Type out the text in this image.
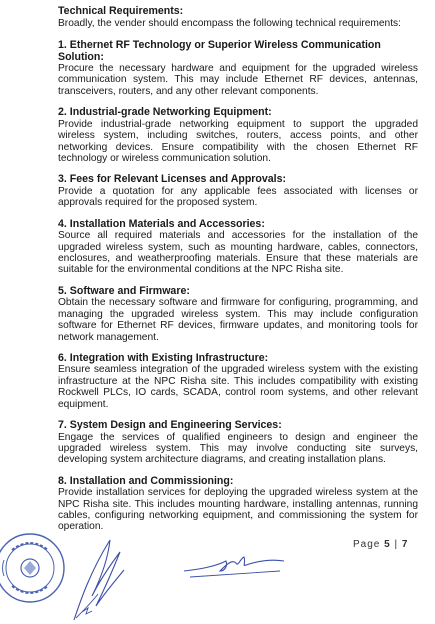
Technical Requirements:

Broadly, the vender should encompass the following technical requirements:

1. Ethernet RF Technology or Superior Wireless Communication Solution:

Procure the necessary hardware and equipment for the upgraded wireless communication system. This may include Ethernet RF devices, antennas, transceivers, routers, and any other relevant components.

2. Industrial-grade Networking Equipment:

Provide industrial-grade networking equipment to support the upgraded wireless system, including switches, routers, access points, and other networking devices. Ensure compatibility with the chosen Ethernet RF technology or wireless communication solution.

3. Fees for Relevant Licenses and Approvals:

Provide a quotation for any applicable fees associated with licenses or approvals required for the proposed system.

4. Installation Materials and Accessories:

Source all required materials and accessories for the installation of the upgraded wireless system, such as mounting hardware, cables, connectors, enclosures, and weatherproofing materials. Ensure that these materials are suitable for the environmental conditions at the NPC Risha site.

5. Software and Firmware:

Obtain the necessary software and firmware for configuring, programming, and managing the upgraded wireless system. This may include configuration software for Ethernet RF devices, firmware updates, and monitoring tools for network management.

6. Integration with Existing Infrastructure:

Ensure seamless integration of the upgraded wireless system with the existing infrastructure at the NPC Risha site. This includes compatibility with existing Rockwell PLCs, IO cards, SCADA, control room systems, and other relevant equipment.

7. System Design and Engineering Services:

Engage the services of qualified engineers to design and engineer the upgraded wireless system. This may involve conducting site surveys, developing system architecture diagrams, and creating installation plans.

8. Installation and Commissioning:

Provide installation services for deploying the upgraded wireless system at the NPC Risha site. This includes mounting hardware, installing antennas, running cables, configuring networking equipment, and commissioning the system for operation.

Page 5 | 7
